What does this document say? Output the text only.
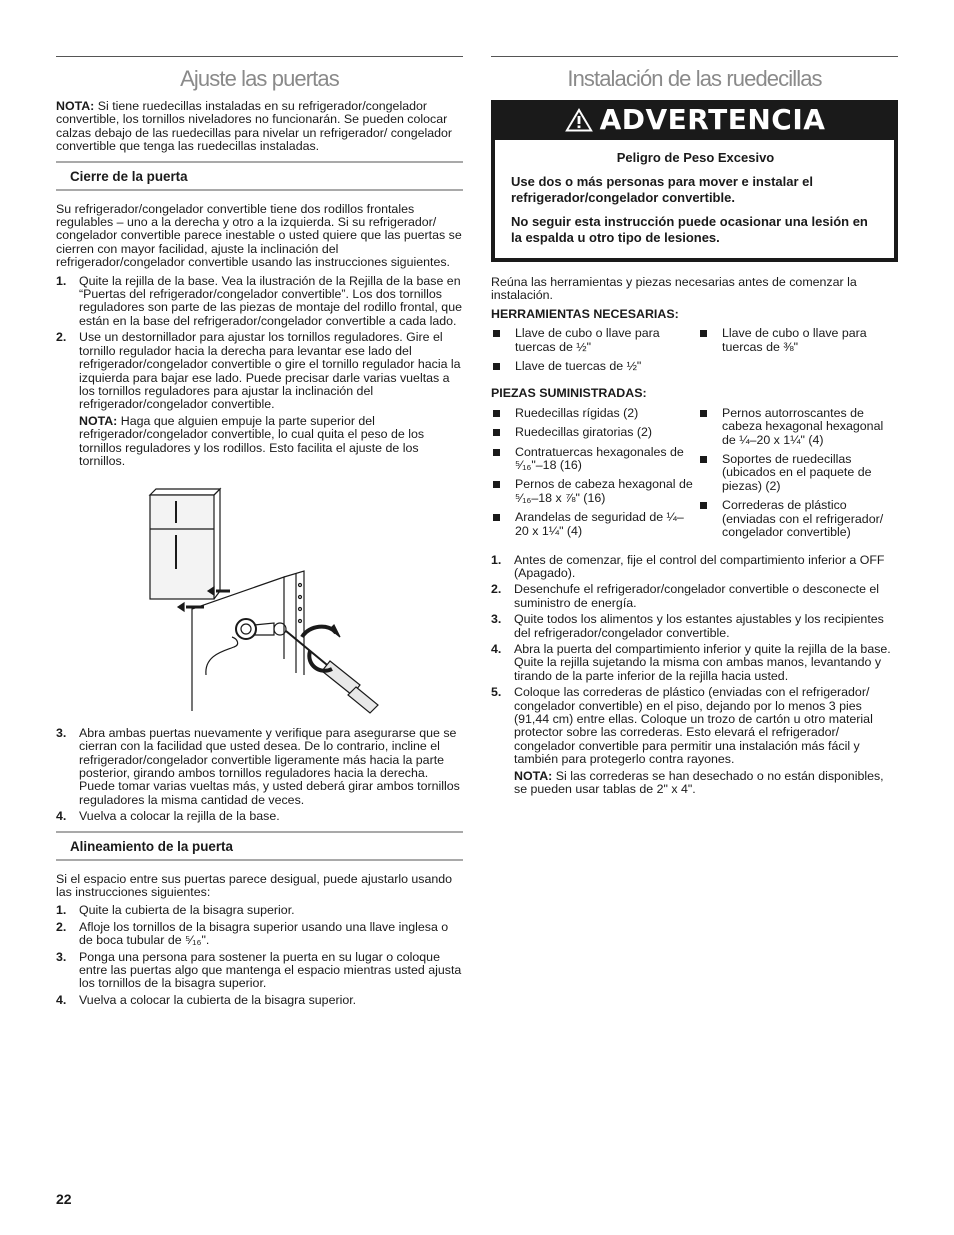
Ajuste las puertas

NOTA: Si tiene ruedecillas instaladas en su refrigerador/congelador convertible, los tornillos niveladores no funcionarán. Se pueden colocar calzas debajo de las ruedecillas para nivelar un refrigerador/ congelador convertible que tenga las ruedecillas instaladas.

Cierre de la puerta

Su refrigerador/congelador convertible tiene dos rodillos frontales regulables – uno a la derecha y otro a la izquierda. Si su refrigerador/ congelador convertible parece inestable o usted quiere que las puertas se cierren con mayor facilidad, ajuste la inclinación del refrigerador/congelador convertible usando las instrucciones siguientes.

1. Quite la rejilla de la base. Vea la ilustración de la Rejilla de la base en “Puertas del refrigerador/congelador convertible”. Los dos tornillos reguladores son parte de las piezas de montaje del rodillo frontal, que están en la base del refrigerador/congelador convertible a cada lado.
2. Use un destornillador para ajustar los tornillos reguladores. Gire el tornillo regulador hacia la derecha para levantar ese lado del refrigerador/congelador convertible o gire el tornillo regulador hacia la izquierda para bajar ese lado. Puede precisar darle varias vueltas a los tornillos reguladores para ajustar la inclinación del refrigerador/congelador convertible.
NOTA: Haga que alguien empuje la parte superior del refrigerador/congelador convertible, lo cual quita el peso de los tornillos reguladores y los rodillos. Esto facilita el ajuste de los tornillos.
3. Abra ambas puertas nuevamente y verifique para asegurarse que se cierran con la facilidad que usted desea. De lo contrario, incline el refrigerador/congelador convertible ligeramente más hacia la parte posterior, girando ambos tornillos reguladores hacia la derecha. Puede tomar varias vueltas más, y usted deberá girar ambos tornillos reguladores la misma cantidad de veces.
4. Vuelva a colocar la rejilla de la base.
Alineamiento de la puerta

Si el espacio entre sus puertas parece desigual, puede ajustarlo usando las instrucciones siguientes:

1. Quite la cubierta de la bisagra superior.
2. Afloje los tornillos de la bisagra superior usando una llave inglesa o de boca tubular de ⁵⁄₁₆".
3. Ponga una persona para sostener la puerta en su lugar o coloque entre las puertas algo que mantenga el espacio mientras usted ajusta los tornillos de la bisagra superior.
4. Vuelva a colocar la cubierta de la bisagra superior.
Instalación de las ruedecillas
ADVERTENCIA
Peligro de Peso Excesivo

Use dos o más personas para mover e instalar el refrigerador/congelador convertible.

No seguir esta instrucción puede ocasionar una lesión en la espalda u otro tipo de lesiones.

Reúna las herramientas y piezas necesarias antes de comenzar la instalación.

HERRAMIENTAS NECESARIAS:
Llave de cubo o llave para tuercas de ½"
Llave de tuercas de ½"
Llave de cubo o llave para tuercas de ⅜"
PIEZAS SUMINISTRADAS:
Ruedecillas rígidas (2)
Ruedecillas giratorias (2)
Contratuercas hexagonales de ⁵⁄₁₆"–18 (16)
Pernos de cabeza hexagonal de ⁵⁄₁₆–18 x ⅞" (16)
Arandelas de seguridad de ¼–20 x 1¼" (4)
Pernos autorroscantes de cabeza hexagonal hexagonal de ¼–20 x 1¼" (4)
Soportes de ruedecillas (ubicados en el paquete de piezas) (2)
Correderas de plástico (enviadas con el refrigerador/ congelador convertible)
1. Antes de comenzar, fije el control del compartimiento inferior a OFF (Apagado).
2. Desenchufe el refrigerador/congelador convertible o desconecte el suministro de energía.
3. Quite todos los alimentos y los estantes ajustables y los recipientes del refrigerador/congelador convertible.
4. Abra la puerta del compartimiento inferior y quite la rejilla de la base. Quite la rejilla sujetando la misma con ambas manos, levantando y tirando de la parte inferior de la rejilla hacia usted.
5. Coloque las correderas de plástico (enviadas con el refrigerador/ congelador convertible) en el piso, dejando por lo menos 3 pies (91,44 cm) entre ellas. Coloque un trozo de cartón u otro material protector sobre las correderas. Esto elevará el refrigerador/ congelador convertible para permitir una instalación más fácil y también para protegerlo contra rayones.
NOTA: Si las correderas se han desechado o no están disponibles, se pueden usar tablas de 2" x 4".
22
